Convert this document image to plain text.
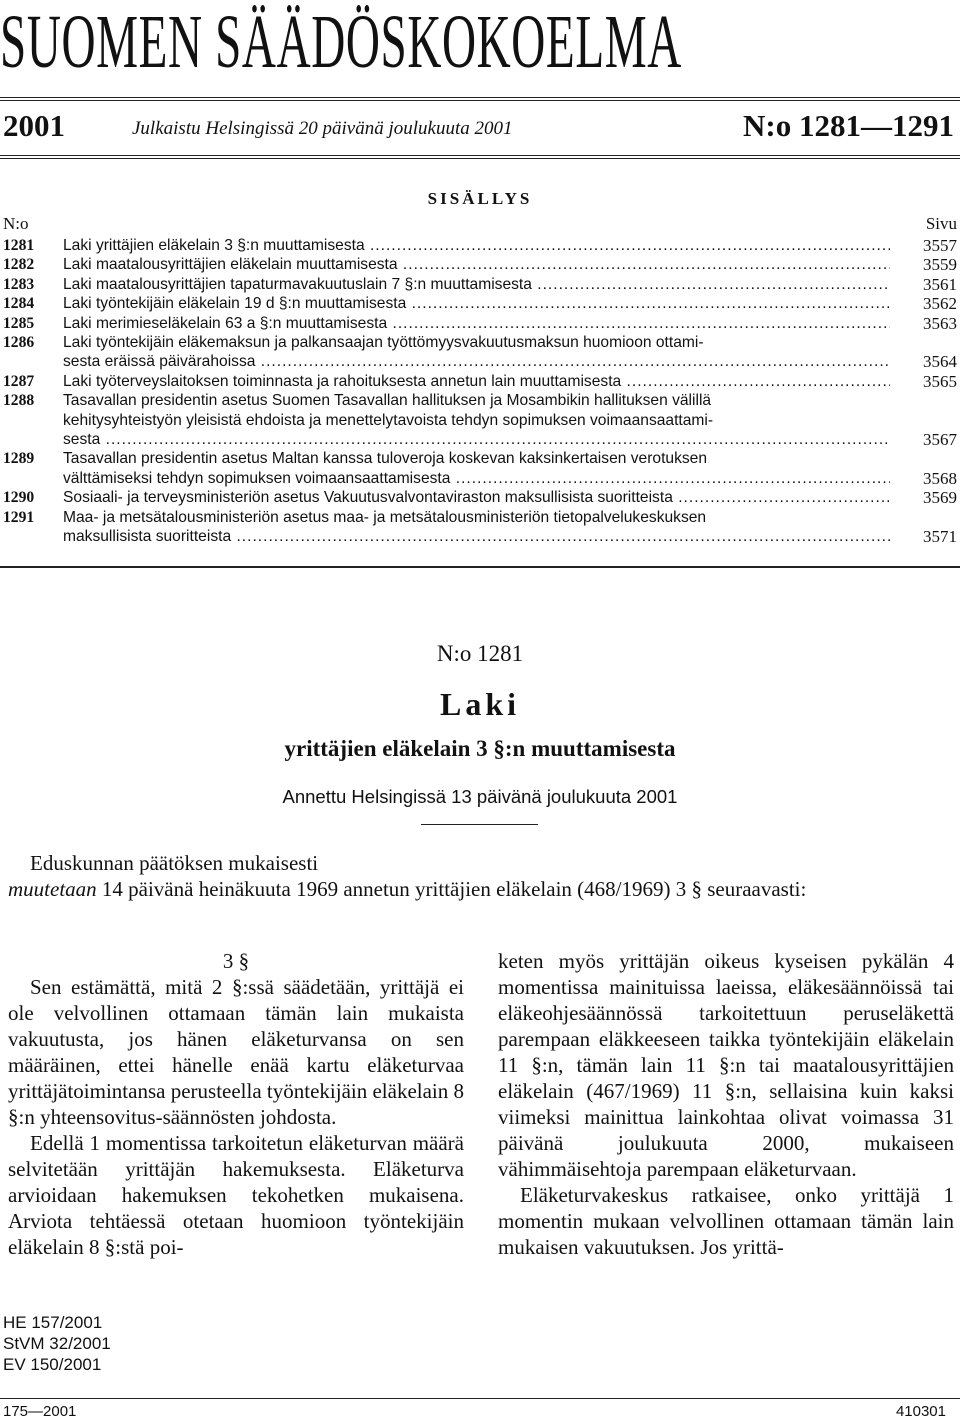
SUOMEN SÄÄDÖSKOKOELMA
2001	Julkaistu Helsingissä 20 päivänä joulukuuta 2001	N:o 1281—1291
SISÄLLYS
N:o	Sivu
1281	Laki yrittäjien eläkelain 3 §:n muuttamisesta .....	3557
1282	Laki maatalousyrittäjien eläkelain muuttamisesta .....	3559
1283	Laki maatalousyrittäjien tapaturmavakuutuslain 7 §:n muuttamisesta .....	3561
1284	Laki työntekijäin eläkelain 19 d §:n muuttamisesta .....	3562
1285	Laki merimieseläkelain 63 a §:n muuttamisesta .....	3563
1286	Laki työntekijäin eläkemaksun ja palkansaajan työttömyysvakuutusmaksun huomioon ottami-
sesta eräissä päivärahoissa .....	3564
1287	Laki työterveyslaitoksen toiminnasta ja rahoituksesta annetun lain muuttamisesta .....	3565
1288	Tasavallan presidentin asetus Suomen Tasavallan hallituksen ja Mosambikin hallituksen välillä
kehitysyhteistyön yleisistä ehdoista ja menettelytavoista tehdyn sopimuksen voimaansaattami-
sesta .....	3567
1289	Tasavallan presidentin asetus Maltan kanssa tuloveroja koskevan kaksinkertaisen verotuksen
välttämiseksi tehdyn sopimuksen voimaansaattamisesta .....	3568
1290	Sosiaali- ja terveysministeriön asetus Vakuutusvalvontaviraston maksullisista suoritteista .....	3569
1291	Maa- ja metsätalousministeriön asetus maa- ja metsätalousministeriön tietopalvelukeskuksen
maksullisista suoritteista .....	3571
N:o 1281
Laki
yrittäjien eläkelain 3 §:n muuttamisesta
Annettu Helsingissä 13 päivänä joulukuuta 2001

Eduskunnan päätöksen mukaisesti

muutetaan 14 päivänä heinäkuuta 1969 annetun yrittäjien eläkelain (468/1969) 3 § seuraavasti:

3 §

Sen estämättä, mitä 2 §:ssä säädetään, yrittäjä ei ole velvollinen ottamaan tämän lain mukaista vakuutusta, jos hänen eläketurvansa on sen määräinen, ettei hänelle enää kartu eläketurvaa yrittäjätoimintansa perusteella työntekijäin eläkelain 8 §:n yhteensovitus-säännösten johdosta.

Edellä 1 momentissa tarkoitetun eläketurvan määrä selvitetään yrittäjän hakemuksesta. Eläketurva arvioidaan hakemuksen tekohetken mukaisena. Arviota tehtäessä otetaan huomioon työntekijäin eläkelain 8 §:stä poi-

keten myös yrittäjän oikeus kyseisen pykälän 4 momentissa mainituissa laeissa, eläkesäännöissä tai eläkeohjesäännössä tarkoitettuun peruseläkettä parempaan eläkkeeseen taikka työntekijäin eläkelain 11 §:n, tämän lain 11 §:n tai maatalousyrittäjien eläkelain (467/1969) 11 §:n, sellaisina kuin kaksi viimeksi mainittua lainkohtaa olivat voimassa 31 päivänä joulukuuta 2000, mukaiseen vähimmäisehtoja parempaan eläketurvaan.

Eläketurvakeskus ratkaisee, onko yrittäjä 1 momentin mukaan velvollinen ottamaan tämän lain mukaisen vakuutuksen. Jos yrittä-

HE 157/2001
StVM 32/2001
EV 150/2001
175—2001	410301
